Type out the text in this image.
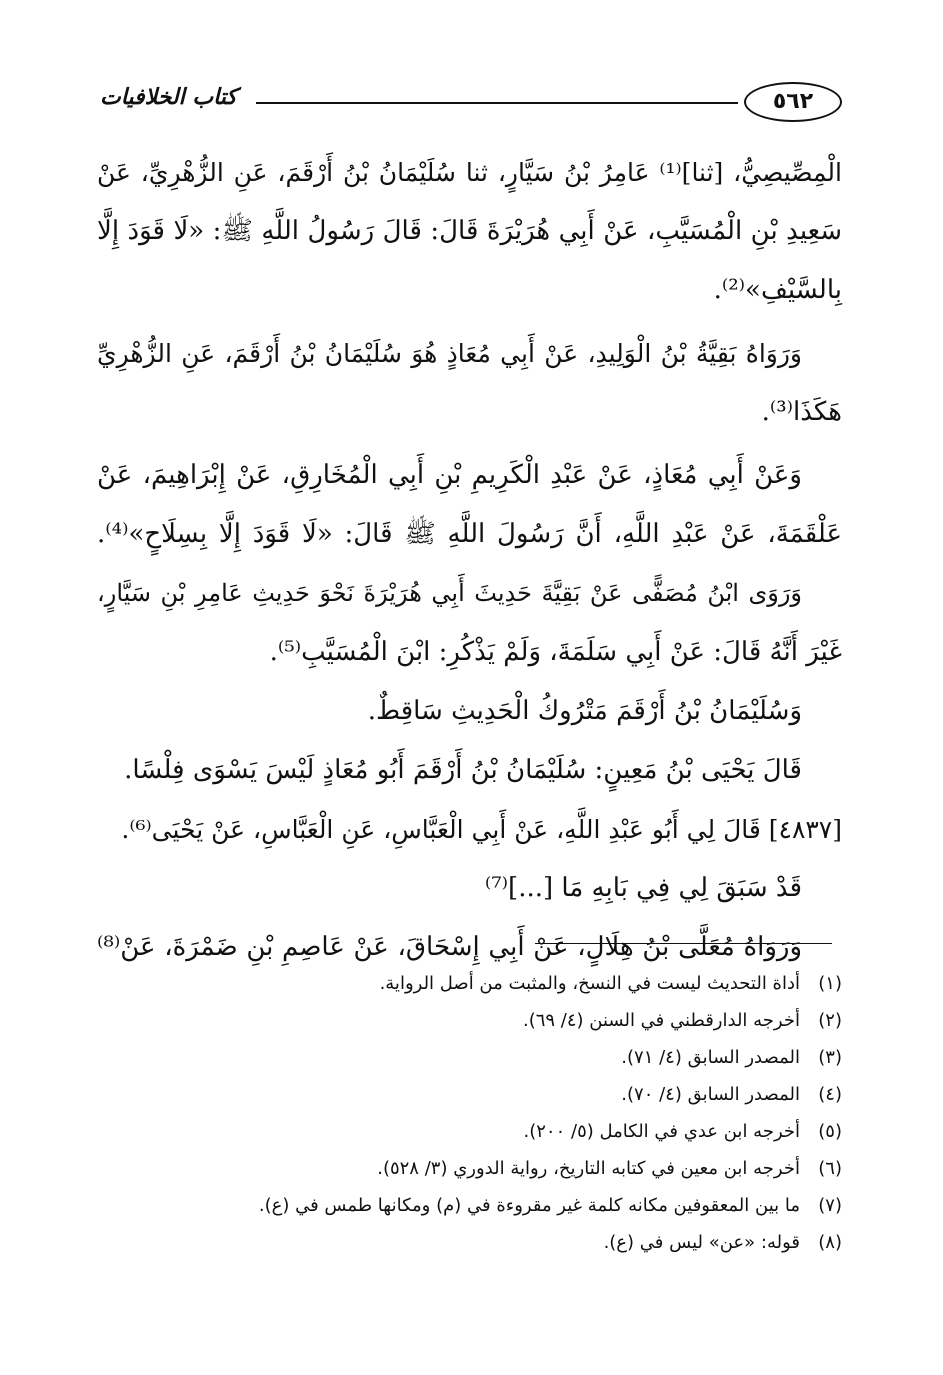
٥٦٢
كتاب الخلافيات
الْمِصِّيصِيُّ، [ثنا]⁽¹⁾ عَامِرُ بْنُ سَيَّارٍ، ثنا سُلَيْمَانُ بْنُ أَرْقَمَ، عَنِ الزُّهْرِيِّ، عَنْ
سَعِيدِ بْنِ الْمُسَيَّبِ، عَنْ أَبِي هُرَيْرَةَ قَالَ: قَالَ رَسُولُ اللَّهِ ﷺ: «لَا قَوَدَ إِلَّا
بِالسَّيْفِ»⁽²⁾.
وَرَوَاهُ بَقِيَّةُ بْنُ الْوَلِيدِ، عَنْ أَبِي مُعَاذٍ هُوَ سُلَيْمَانُ بْنُ أَرْقَمَ، عَنِ الزُّهْرِيِّ
هَكَذَا⁽³⁾.
وَعَنْ أَبِي مُعَاذٍ، عَنْ عَبْدِ الْكَرِيمِ بْنِ أَبِي الْمُخَارِقِ، عَنْ إِبْرَاهِيمَ، عَنْ
عَلْقَمَةَ، عَنْ عَبْدِ اللَّهِ، أَنَّ رَسُولَ اللَّهِ ﷺ قَالَ: «لَا قَوَدَ إِلَّا بِسِلَاحٍ»⁽⁴⁾.
وَرَوَى ابْنُ مُصَفًّى عَنْ بَقِيَّةَ حَدِيثَ أَبِي هُرَيْرَةَ نَحْوَ حَدِيثِ عَامِرِ بْنِ سَيَّارٍ،
غَيْرَ أَنَّهُ قَالَ: عَنْ أَبِي سَلَمَةَ، وَلَمْ يَذْكُرِ: ابْنَ الْمُسَيَّبِ⁽⁵⁾.
وَسُلَيْمَانُ بْنُ أَرْقَمَ مَتْرُوكُ الْحَدِيثِ سَاقِطٌ.
قَالَ يَحْيَى بْنُ مَعِينٍ: سُلَيْمَانُ بْنُ أَرْقَمَ أَبُو مُعَاذٍ لَيْسَ يَسْوَى فِلْسًا.
[٤٨٣٧] قَالَ لِي أَبُو عَبْدِ اللَّهِ، عَنْ أَبِي الْعَبَّاسِ، عَنِ الْعَبَّاسِ، عَنْ يَحْيَى⁽⁶⁾.
قَدْ سَبَقَ لِي فِي بَابِهِ مَا [...]⁽⁷⁾
وَرَوَاهُ مُعَلَّى بْنُ هِلَالٍ، عَنْ أَبِي إِسْحَاقَ، عَنْ عَاصِمِ بْنِ ضَمْرَةَ، عَنْ⁽⁸⁾
(١)أداة التحديث ليست في النسخ، والمثبت من أصل الرواية.
(٢)أخرجه الدارقطني في السنن (٤/ ٦٩).
(٣)المصدر السابق (٤/ ٧١).
(٤)المصدر السابق (٤/ ٧٠).
(٥)أخرجه ابن عدي في الكامل (٥/ ٢٠٠).
(٦)أخرجه ابن معين في كتابه التاريخ، رواية الدوري (٣/ ٥٢٨).
(٧)ما بين المعقوفين مكانه كلمة غير مقروءة في (م) ومكانها طمس في (ع).
(٨)قوله: «عن» ليس في (ع).
